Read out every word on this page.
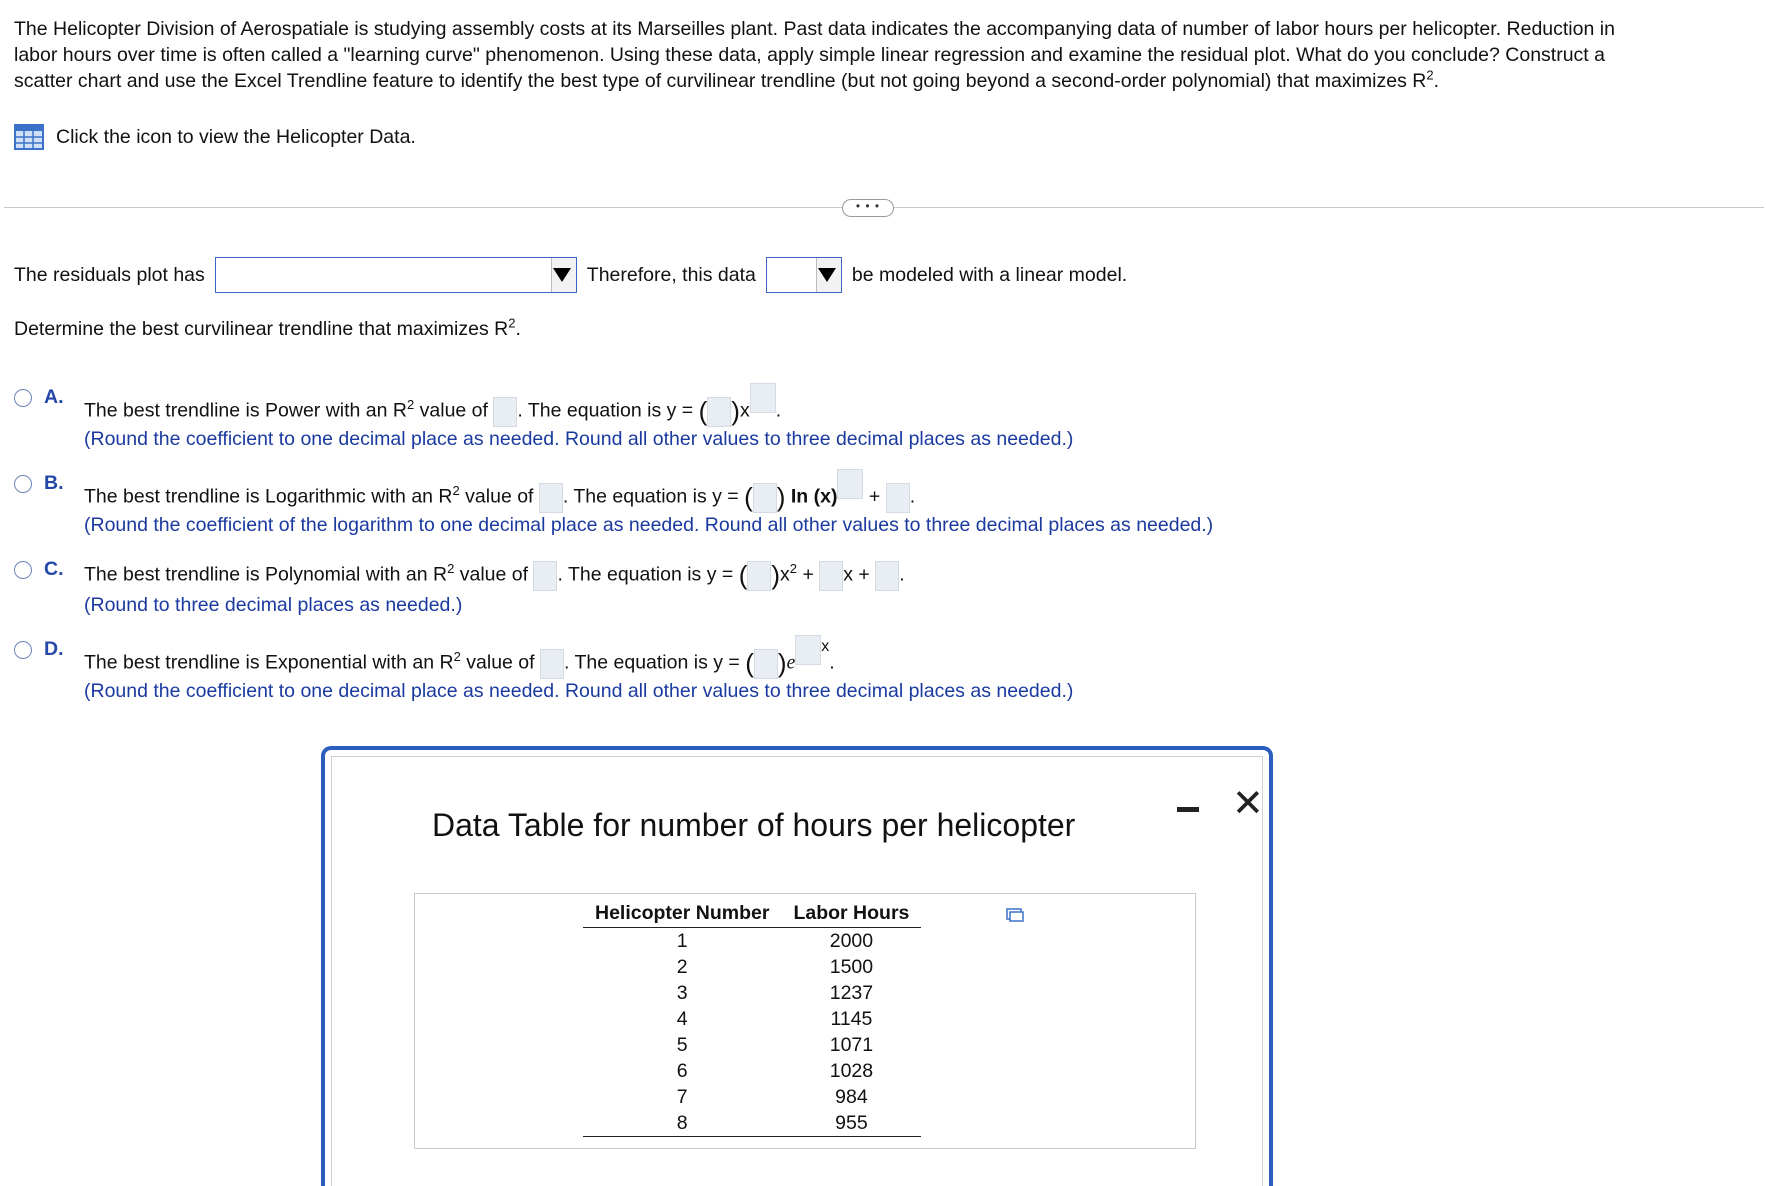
The Helicopter Division of Aerospatiale is studying assembly costs at its Marseilles plant. Past data indicates the accompanying data of number of labor hours per helicopter. Reduction in
labor hours over time is often called a "learning curve" phenomenon. Using these data, apply simple linear regression and examine the residual plot. What do you conclude? Construct a
scatter chart and use the Excel Trendline feature to identify the best type of curvilinear trendline (but not going beyond a second-order polynomial) that maximizes $R^2$.
Click the icon to view the Helicopter Data.
• • •
The residuals plot has	Therefore, this data	be modeled with a linear model.
Determine the best curvilinear trendline that maximizes $R^2$.
A.
The best trendline is Power with an $R^2$ value of . The equation is y = ( )x .
(Round the coefficient to one decimal place as needed. Round all other values to three decimal places as needed.)
B.
The best trendline is Logarithmic with an $R^2$ value of . The equation is y = ( ) In (x) + .
(Round the coefficient of the logarithm to one decimal place as needed. Round all other values to three decimal places as needed.)
C.	The best trendline is Polynomial with an $R^2$ value of . The equation is y = ( )$x^2 + x$ + .
(Round to three decimal places as needed.)
D.
The best trendline is Exponential with an $R^2$ value of . The equation is y = ( )$e^x$.
(Round the coefficient to one decimal place as needed. Round all other values to three decimal places as needed.)
Data Table for number of hours per helicopter	✕
Helicopter Number	Labor Hours
1	2000
2	1500
3	1237
4	1145
5	1071
6	1028
7	984
8	955
